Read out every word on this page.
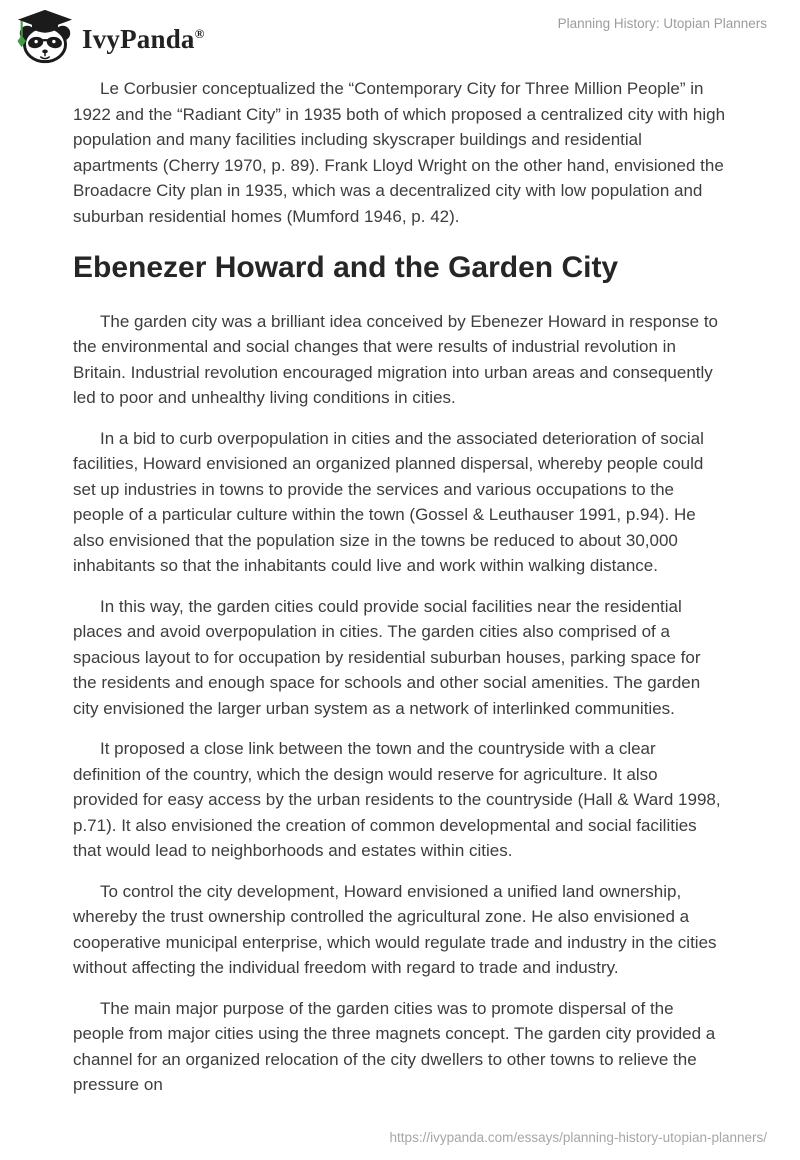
IvyPanda®
Planning History: Utopian Planners

Le Corbusier conceptualized the “Contemporary City for Three Million People” in 1922 and the “Radiant City” in 1935 both of which proposed a centralized city with high population and many facilities including skyscraper buildings and residential apartments (Cherry 1970, p. 89). Frank Lloyd Wright on the other hand, envisioned the Broadacre City plan in 1935, which was a decentralized city with low population and suburban residential homes (Mumford 1946, p. 42).

Ebenezer Howard and the Garden City

The garden city was a brilliant idea conceived by Ebenezer Howard in response to the environmental and social changes that were results of industrial revolution in Britain. Industrial revolution encouraged migration into urban areas and consequently led to poor and unhealthy living conditions in cities.

In a bid to curb overpopulation in cities and the associated deterioration of social facilities, Howard envisioned an organized planned dispersal, whereby people could set up industries in towns to provide the services and various occupations to the people of a particular culture within the town (Gossel & Leuthauser 1991, p.94). He also envisioned that the population size in the towns be reduced to about 30,000 inhabitants so that the inhabitants could live and work within walking distance.

In this way, the garden cities could provide social facilities near the residential places and avoid overpopulation in cities. The garden cities also comprised of a spacious layout to for occupation by residential suburban houses, parking space for the residents and enough space for schools and other social amenities. The garden city envisioned the larger urban system as a network of interlinked communities.

It proposed a close link between the town and the countryside with a clear definition of the country, which the design would reserve for agriculture. It also provided for easy access by the urban residents to the countryside (Hall & Ward 1998, p.71). It also envisioned the creation of common developmental and social facilities that would lead to neighborhoods and estates within cities.

To control the city development, Howard envisioned a unified land ownership, whereby the trust ownership controlled the agricultural zone. He also envisioned a cooperative municipal enterprise, which would regulate trade and industry in the cities without affecting the individual freedom with regard to trade and industry.

The main major purpose of the garden cities was to promote dispersal of the people from major cities using the three magnets concept. The garden city provided a channel for an organized relocation of the city dwellers to other towns to relieve the pressure on

https://ivypanda.com/essays/planning-history-utopian-planners/
